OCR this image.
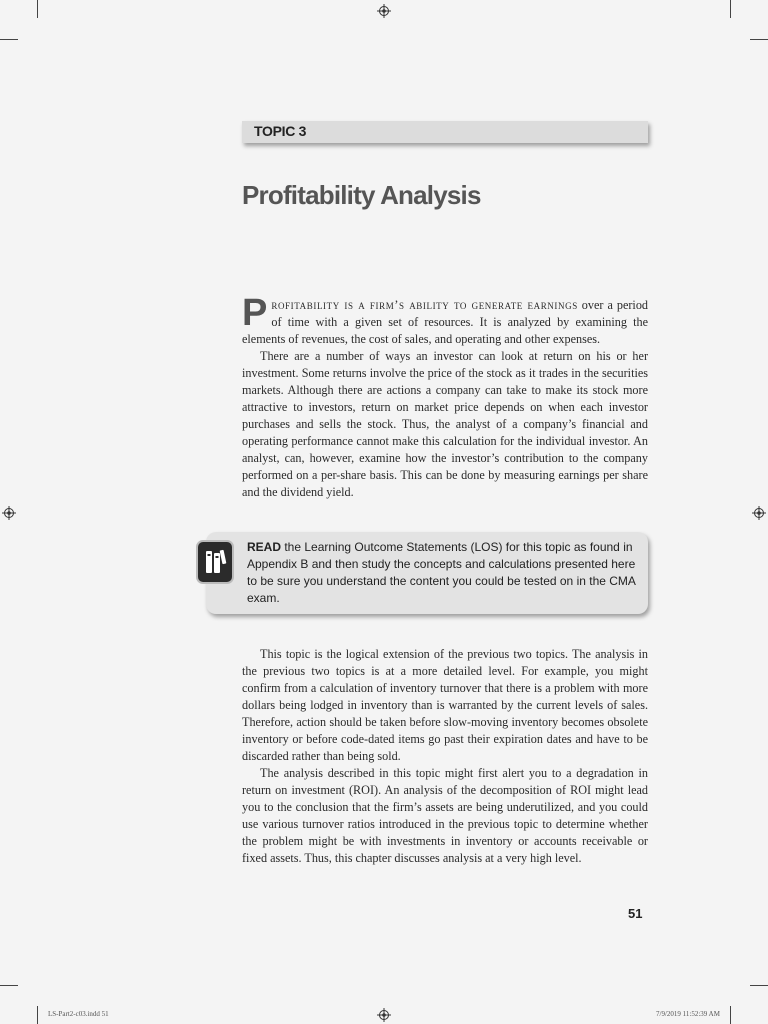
TOPIC 3
Profitability Analysis

Profitability is a firm’s ability to generate earnings over a period of time with a given set of resources. It is analyzed by examining the elements of revenues, the cost of sales, and operating and other expenses.

There are a number of ways an investor can look at return on his or her investment. Some returns involve the price of the stock as it trades in the securities markets. Although there are actions a company can take to make its stock more attractive to investors, return on market price depends on when each investor purchases and sells the stock. Thus, the analyst of a company’s financial and operating performance cannot make this calculation for the individual investor. An analyst, can, however, examine how the investor’s contribution to the company performed on a per-share basis. This can be done by measuring earnings per share and the dividend yield.

READ the Learning Outcome Statements (LOS) for this topic as found in Appendix B and then study the concepts and calculations presented here to be sure you understand the content you could be tested on in the CMA exam.

This topic is the logical extension of the previous two topics. The analysis in the previous two topics is at a more detailed level. For example, you might confirm from a calculation of inventory turnover that there is a problem with more dollars being lodged in inventory than is warranted by the current levels of sales. Therefore, action should be taken before slow-moving inventory becomes obsolete inventory or before code-dated items go past their expiration dates and have to be discarded rather than being sold.

The analysis described in this topic might first alert you to a degradation in return on investment (ROI). An analysis of the decomposition of ROI might lead you to the conclusion that the firm’s assets are being underutilized, and you could use various turnover ratios introduced in the previous topic to determine whether the problem might be with investments in inventory or accounts receivable or fixed assets. Thus, this chapter discusses analysis at a very high level.

51
LS-Part2-c03.indd 51	7/9/2019 11:52:39 AM
